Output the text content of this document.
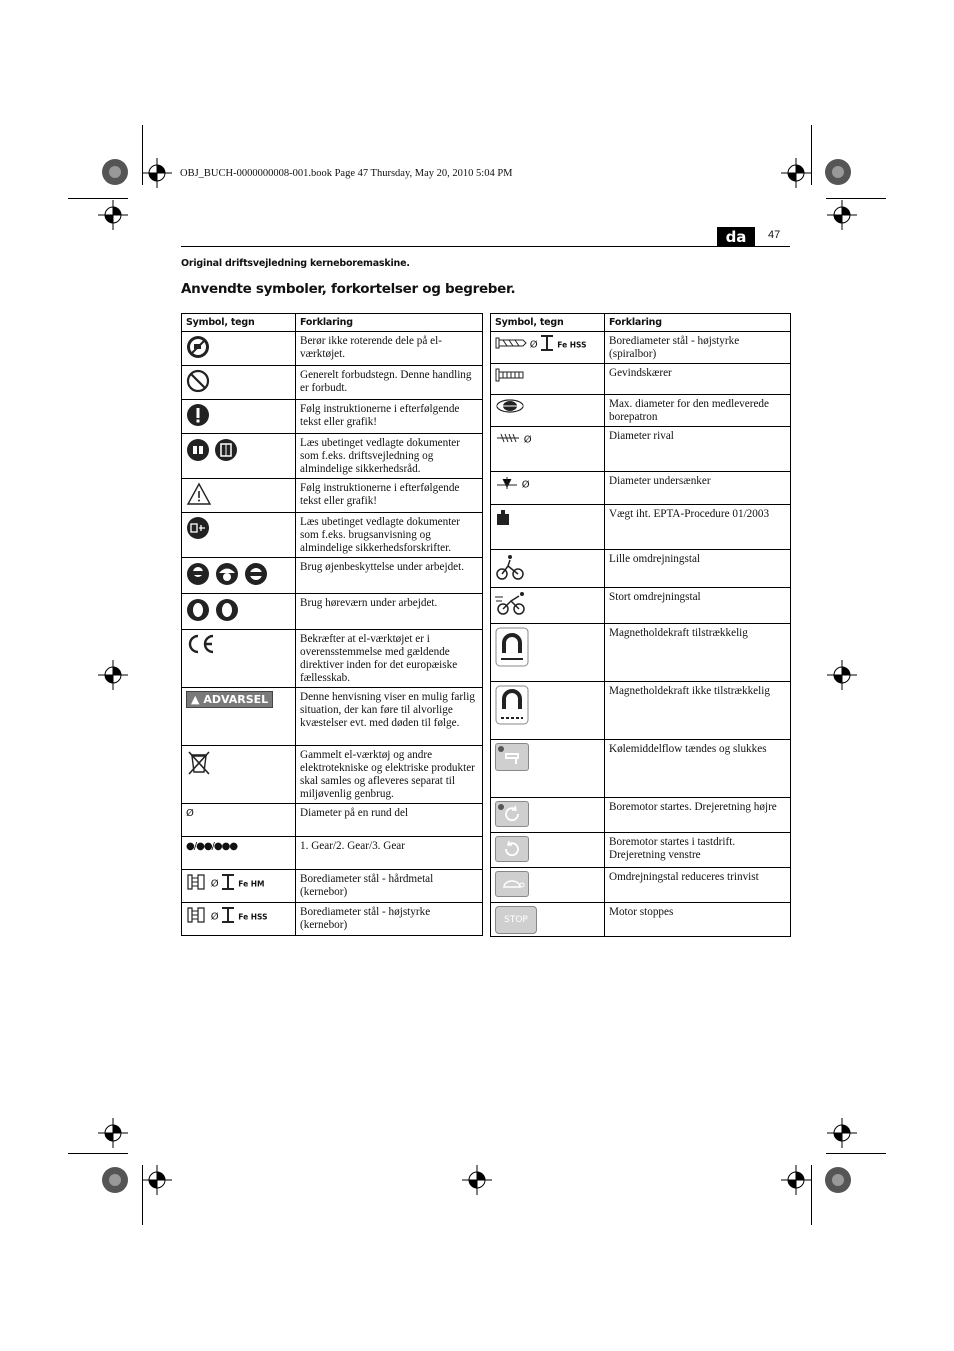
OBJ_BUCH-0000000008-001.book Page 47 Thursday, May 20, 2010 5:04 PM
da	47
Original driftsvejledning kerneboremaskine.
Anvendte symboler, forkortelser og begreber.
Symbol, tegn	Forklaring
	Berør ikke roterende dele på el-værktøjet.
	Generelt forbudstegn. Denne handling er forbudt.
	Følg instruktionerne i efterfølgende tekst eller grafik!
	Læs ubetinget vedlagte dokumenter som f.eks. driftsvejledning og almindelige sikkerhedsråd.
	Følg instruktionerne i efterfølgende tekst eller grafik!
	Læs ubetinget vedlagte dokumenter som f.eks. brugsanvisning og almindelige sikkerhedsforskrifter.
	Brug øjenbeskyttelse under arbejdet.
	Brug høreværn under arbejdet.
	Bekræfter at el-værktøjet er i overensstemmelse med gældende direktiver inden for det europæiske fællesskab.
▲ ADVARSEL	Denne henvisning viser en mulig farlig situation, der kan føre til alvorlige kvæstelser evt. med døden til følge.
	Gammelt el-værktøj og andre elektrotekniske og elektriske produkter skal samles og afleveres separat til miljøvenlig genbrug.
Ø	Diameter på en rund del
●/●●/●●●	1. Gear/2. Gear/3. Gear
Ø Fe HM	Borediameter stål - hårdmetal (kernebor)
Ø Fe HSS	Borediameter stål - højstyrke (kernebor)
Symbol, tegn	Forklaring
Ø Fe HSS	Borediameter stål - højstyrke (spiralbor)
	Gevindskærer
	Max. diameter for den medleverede borepatron
Ø	Diameter rival
Ø	Diameter undersænker
	Vægt iht. EPTA-Procedure 01/2003
	Lille omdrejningstal
	Stort omdrejningstal
	Magnetholdekraft tilstrækkelig
	Magnetholdekraft ikke tilstrækkelig
	Kølemiddelflow tændes og slukkes
	Boremotor startes. Drejeretning højre
	Boremotor startes i tastdrift. Drejeretning venstre
	Omdrejningstal reduceres trinvist
STOP	Motor stoppes
